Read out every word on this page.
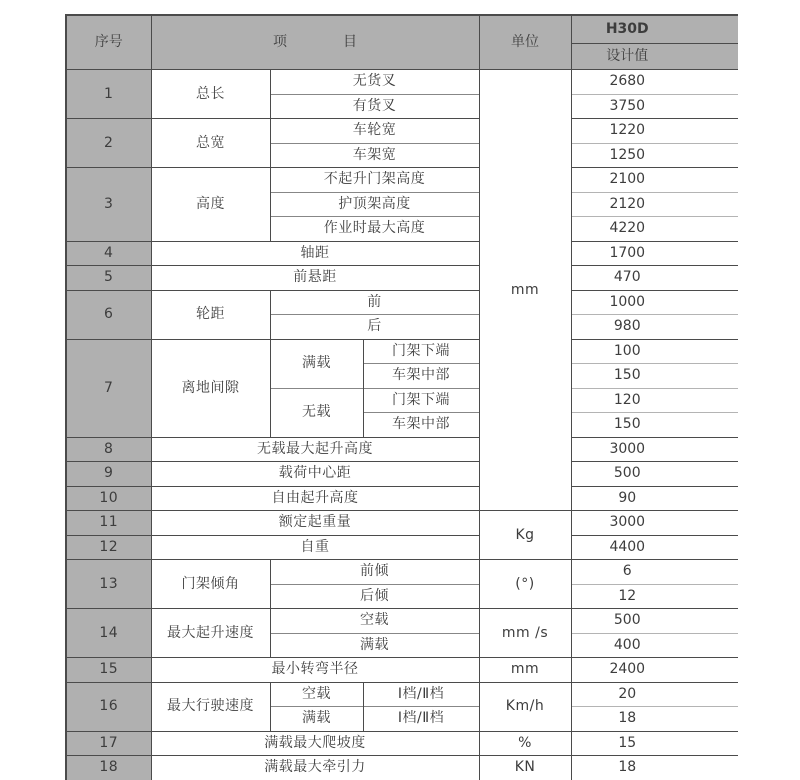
序号	项　　　　目			单位	H30D
					设计值
1	总长	无货叉		mm	2680
		有货叉			3750
2	总宽	车轮宽			1220
		车架宽			1250
3	高度	不起升门架高度			2100
		护顶架高度			2120
		作业时最大高度			4220
4	轴距				1700
5	前悬距				470
6	轮距	前			1000
		后			980
7	离地间隙	满载	门架下端		100
			车架中部		150
		无载	门架下端		120
			车架中部		150
8	无载最大起升高度				3000
9	载荷中心距				500
10	自由起升高度				90
11	额定起重量			Kg	3000
12	自重				4400
13	门架倾角	前倾		(°)	6
		后倾			12
14	最大起升速度	空载		mm /s	500
		满载			400
15	最小转弯半径			mm	2400
16	最大行驶速度	空载	Ⅰ档/Ⅱ档	Km/h	20
		满载	Ⅰ档/Ⅱ档		18
17	满载最大爬坡度			%	15
18	满载最大牵引力			KN	18
